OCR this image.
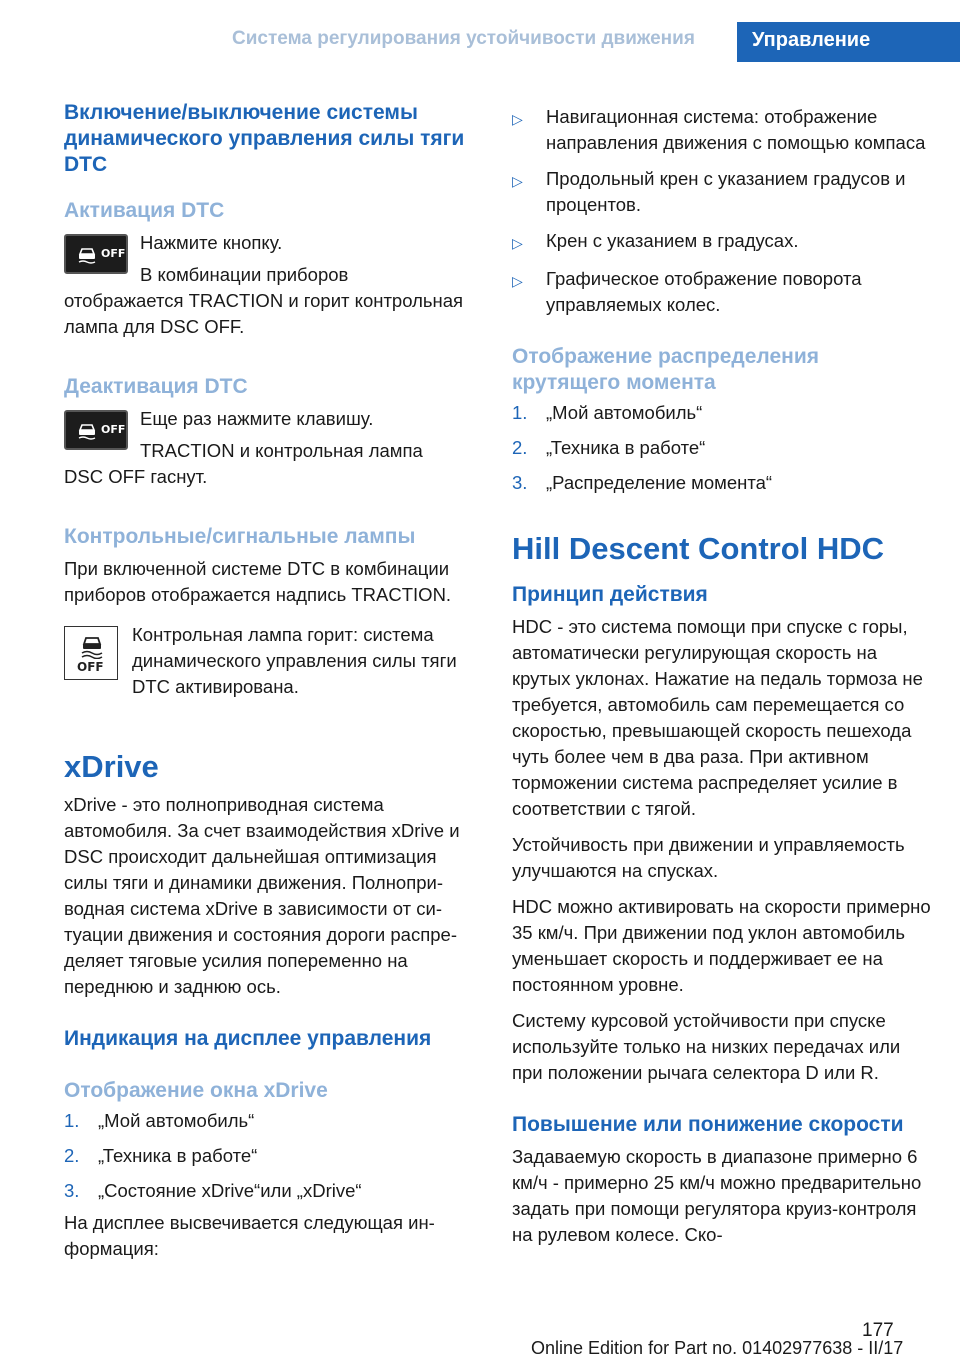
Система регулирования устойчивости движения	Управление
Включение/выключение системы динамического управления силы тяги DTC
Активация DTC
OFF
Нажмите кнопку.
В комбинации приборов
отображается TRACTION и горит контрольная лампа для DSC OFF.
Деактивация DTC
OFF
Еще раз нажмите клавишу.
TRACTION и контрольная лампа
DSC OFF гаснут.
Контрольные/сигнальные лампы
При включенной системе DTC в комбинации приборов отображается надпись TRACTION.
OFF
Контрольная лампа горит: система динамического управления силы тяги DTC активирована.
xDrive
xDrive - это полноприводная система автомобиля. За счет взаимодействия xDrive и DSC происходит дальнейшая оптимизация силы тяги и динамики движения. Полноприводная система xDrive в зависимости от ситуации движения и состояния дороги распределяет тяговые усилия попеременно на переднюю и заднюю ось.
Индикация на дисплее управления
Отображение окна xDrive
1.	„Мой автомобиль“
2.	„Техника в работе“
3.	„Состояние xDrive“или „xDrive“
На дисплее высвечивается следующая информация:
▷	Навигационная система: отображение направления движения с помощью компаса
▷	Продольный крен с указанием градусов и процентов.
▷	Крен с указанием в градусах.
▷	Графическое отображение поворота управляемых колес.
Отображение распределения крутящего момента
1.	„Мой автомобиль“
2.	„Техника в работе“
3.	„Распределение момента“
Hill Descent Control HDC
Принцип действия
HDC - это система помощи при спуске с горы, автоматически регулирующая скорость на крутых уклонах. Нажатие на педаль тормоза не требуется, автомобиль сам перемещается со скоростью, превышающей скорость пешехода чуть более чем в два раза. При активном торможении система распределяет усилие в соответствии с тягой.
Устойчивость при движении и управляемость улучшаются на спусках.
HDC можно активировать на скорости примерно 35 км/ч. При движении под уклон автомобиль уменьшает скорость и поддерживает ее на постоянном уровне.
Систему курсовой устойчивости при спуске используйте только на низких передачах или при положении рычага селектора D или R.
Повышение или понижение скорости
Задаваемую скорость в диапазоне примерно 6 км/ч - примерно 25 км/ч можно предварительно задать при помощи регулятора круиз-контроля на рулевом колесе. Ско-
177
Online Edition for Part no. 01402977638 - II/17
